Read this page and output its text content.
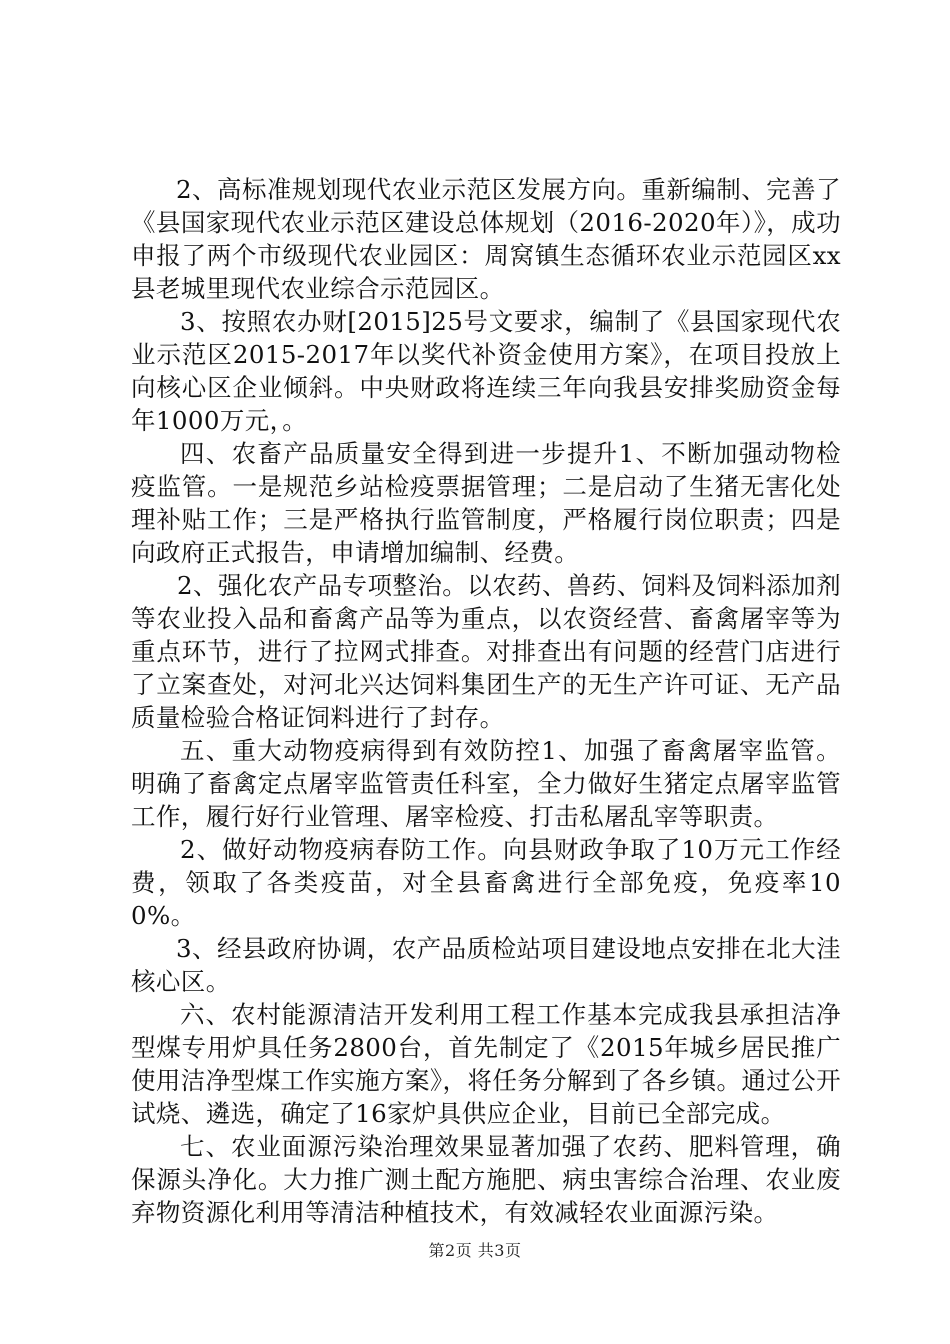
2、高标准规划现代农业示范区发展方向。重新编制、完善了《县国家现代农业示范区建设总体规划（2016-2020年）》，成功申报了两个市级现代农业园区：周窝镇生态循环农业示范园区xx县老城里现代农业综合示范园区。

3、按照农办财[2015]25号文要求，编制了《县国家现代农业示范区2015-2017年以奖代补资金使用方案》，在项目投放上向核心区企业倾斜。中央财政将连续三年向我县安排奖励资金每年1000万元，。

四、农畜产品质量安全得到进一步提升1、不断加强动物检疫监管。一是规范乡站检疫票据管理；二是启动了生猪无害化处理补贴工作；三是严格执行监管制度，严格履行岗位职责；四是向政府正式报告，申请增加编制、经费。

2、强化农产品专项整治。以农药、兽药、饲料及饲料添加剂等农业投入品和畜禽产品等为重点，以农资经营、畜禽屠宰等为重点环节，进行了拉网式排查。对排查出有问题的经营门店进行了立案查处，对河北兴达饲料集团生产的无生产许可证、无产品质量检验合格证饲料进行了封存。

五、重大动物疫病得到有效防控1、加强了畜禽屠宰监管。明确了畜禽定点屠宰监管责任科室，全力做好生猪定点屠宰监管工作，履行好行业管理、屠宰检疫、打击私屠乱宰等职责。

2、做好动物疫病春防工作。向县财政争取了10万元工作经费，领取了各类疫苗，对全县畜禽进行全部免疫，免疫率100%。

3、经县政府协调，农产品质检站项目建设地点安排在北大洼核心区。

六、农村能源清洁开发利用工程工作基本完成我县承担洁净型煤专用炉具任务2800台，首先制定了《2015年城乡居民推广使用洁净型煤工作实施方案》，将任务分解到了各乡镇。通过公开试烧、遴选，确定了16家炉具供应企业，目前已全部完成。

七、农业面源污染治理效果显著加强了农药、肥料管理，确保源头净化。大力推广测土配方施肥、病虫害综合治理、农业废弃物资源化利用等清洁种植技术，有效减轻农业面源污染。

第2页 共3页
